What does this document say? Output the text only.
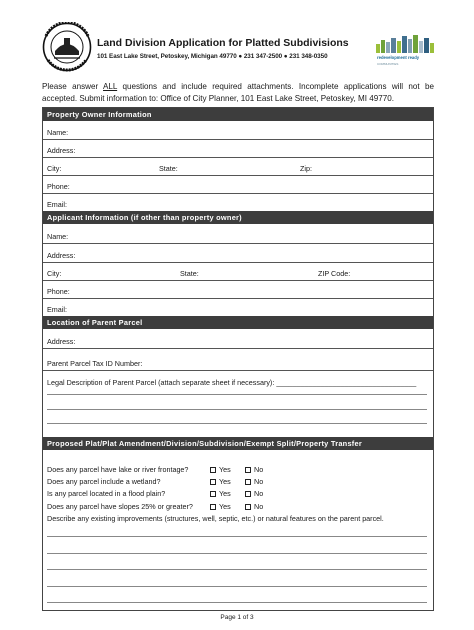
Land Division Application for Platted Subdivisions
101 East Lake Street, Petoskey, Michigan 49770 ● 231 347-2500 ● 231 348-0350	redevelopment ready
COMMUNITIES
Please answer ALL questions and include required attachments. Incomplete applications will not be accepted. Submit information to: Office of City Planner, 101 East Lake Street, Petoskey, MI 49770.
Property Owner Information
Name:
Address:
City:	State:	Zip:
Phone:
Email:
Applicant Information (if other than property owner)
Name:
Address:
City:	State:	ZIP Code:
Phone:
Email:
Location of Parent Parcel
Address:
Parent Parcel Tax ID Number:
Legal Description of Parent Parcel (attach separate sheet if necessary): ___________________________________
Proposed Plat/Plat Amendment/Division/Subdivision/Exempt Split/Property Transfer
Does any parcel have lake or river frontage?	Yes	No
Does any parcel include a wetland?	Yes	No
Is any parcel located in a flood plain?	Yes	No
Does any parcel have slopes 25% or greater?	Yes	No
Describe any existing improvements (structures, well, septic, etc.) or natural features on the parent parcel.
Page 1 of 3
